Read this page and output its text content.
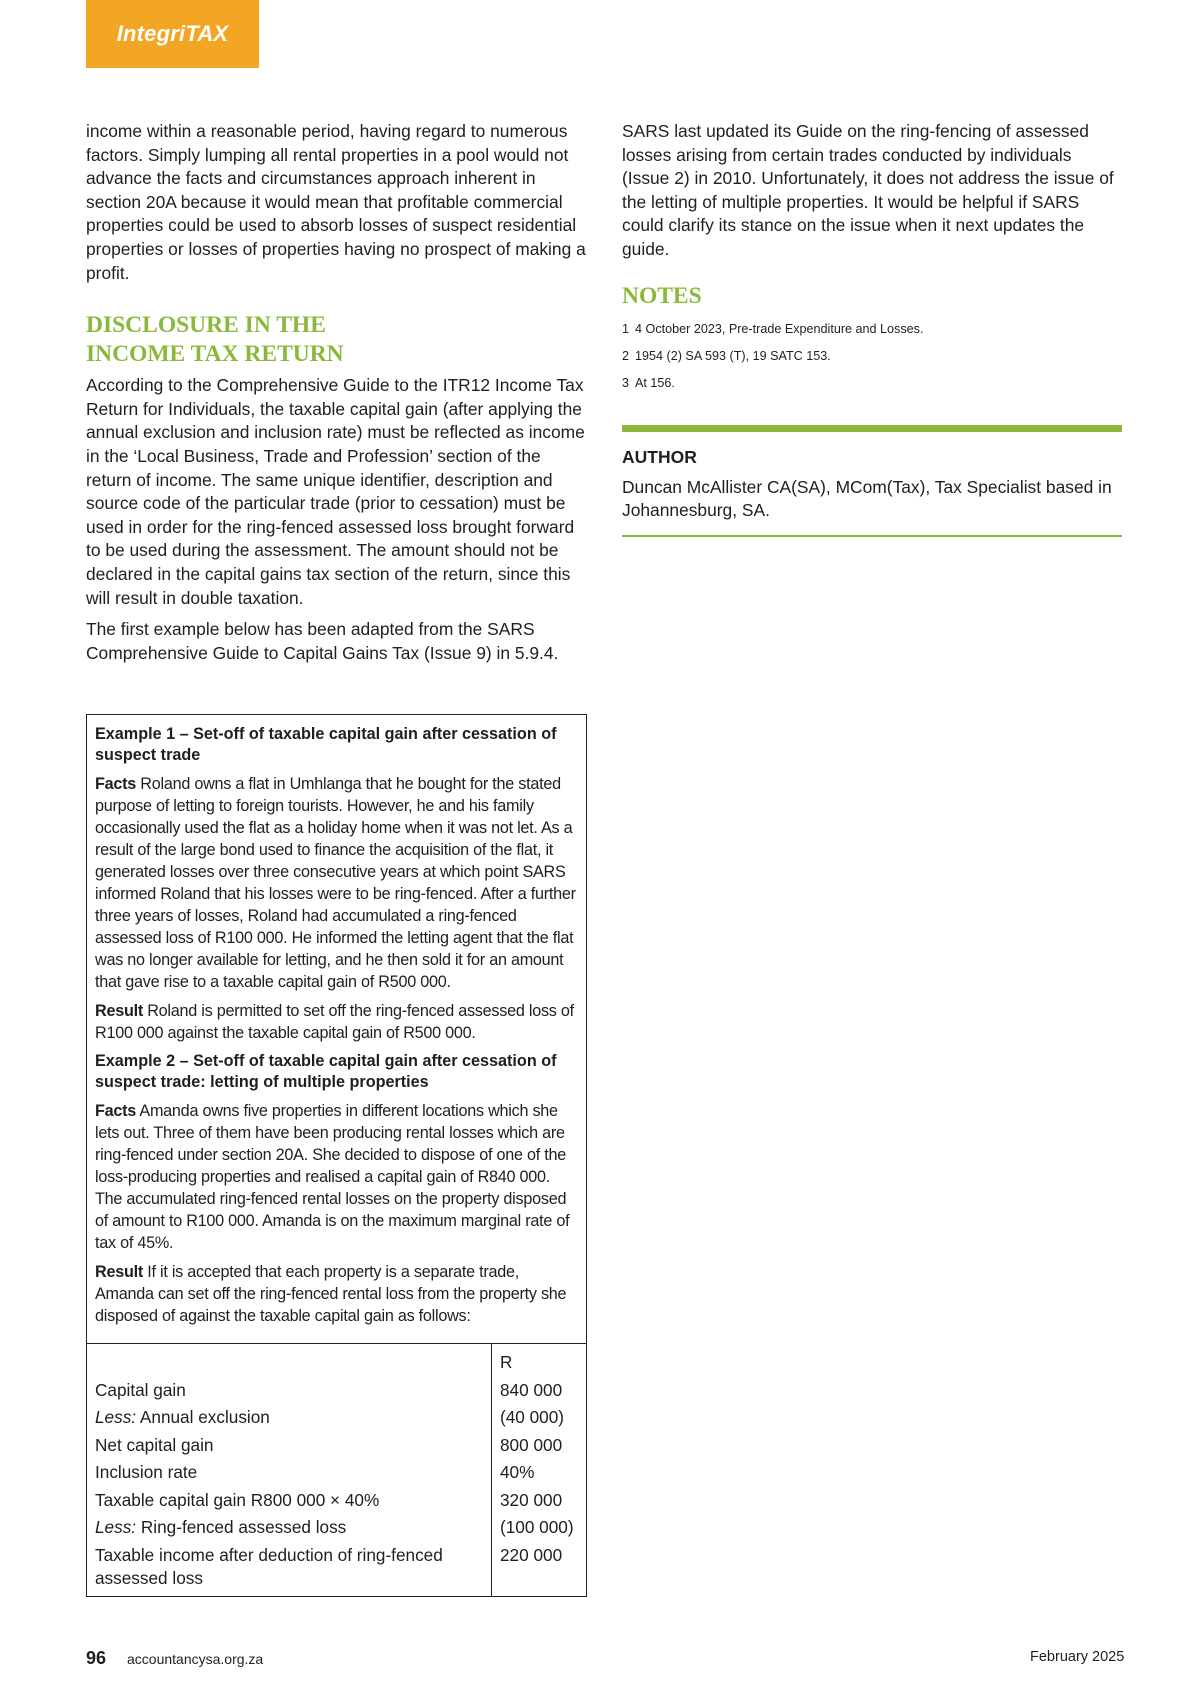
IntegriTAX

income within a reasonable period, having regard to numerous factors. Simply lumping all rental properties in a pool would not advance the facts and circumstances approach inherent in section 20A because it would mean that profitable commercial properties could be used to absorb losses of suspect residential properties or losses of properties having no prospect of making a profit.

DISCLOSURE IN THE
INCOME TAX RETURN

According to the Comprehensive Guide to the ITR12 Income Tax Return for Individuals, the taxable capital gain (after applying the annual exclusion and inclusion rate) must be reflected as income in the ‘Local Business, Trade and Profession’ section of the return of income. The same unique identifier, description and source code of the particular trade (prior to cessation) must be used in order for the ring-fenced assessed loss brought forward to be used during the assessment. The amount should not be declared in the capital gains tax section of the return, since this will result in double taxation.

The first example below has been adapted from the SARS Comprehensive Guide to Capital Gains Tax (Issue 9) in 5.9.4.

Example 1 – Set-off of taxable capital gain after cessation of suspect trade

Facts Roland owns a flat in Umhlanga that he bought for the stated purpose of letting to foreign tourists. However, he and his family occasionally used the flat as a holiday home when it was not let. As a result of the large bond used to finance the acquisition of the flat, it generated losses over three consecutive years at which point SARS informed Roland that his losses were to be ring-fenced. After a further three years of losses, Roland had accumulated a ring-fenced assessed loss of R100 000. He informed the letting agent that the flat was no longer available for letting, and he then sold it for an amount that gave rise to a taxable capital gain of R500 000.

Result Roland is permitted to set off the ring-fenced assessed loss of R100 000 against the taxable capital gain of R500 000.

Example 2 – Set-off of taxable capital gain after cessation of suspect trade: letting of multiple properties

Facts Amanda owns five properties in different locations which she lets out. Three of them have been producing rental losses which are ring-fenced under section 20A. She decided to dispose of one of the loss-producing properties and realised a capital gain of R840 000. The accumulated ring-fenced rental losses on the property disposed of amount to R100 000. Amanda is on the maximum marginal rate of tax of 45%.

Result If it is accepted that each property is a separate trade, Amanda can set off the ring-fenced rental loss from the property she disposed of against the taxable capital gain as follows:

	R
Capital gain	840 000
Less: Annual exclusion	(40 000)
Net capital gain	800 000
Inclusion rate	40%
Taxable capital gain R800 000 × 40%	320 000
Less: Ring-fenced assessed loss	(100 000)
Taxable income after deduction of ring-fenced assessed loss	220 000

SARS last updated its Guide on the ring-fencing of assessed losses arising from certain trades conducted by individuals (Issue 2) in 2010. Unfortunately, it does not address the issue of the letting of multiple properties. It would be helpful if SARS could clarify its stance on the issue when it next updates the guide.

NOTES
1 4 October 2023, Pre-trade Expenditure and Losses.
2 1954 (2) SA 593 (T), 19 SATC 153.
3 At 156.
AUTHOR

Duncan McAllister CA(SA), MCom(Tax), Tax Specialist based in Johannesburg, SA.

96 accountancysa.org.za	February 2025
